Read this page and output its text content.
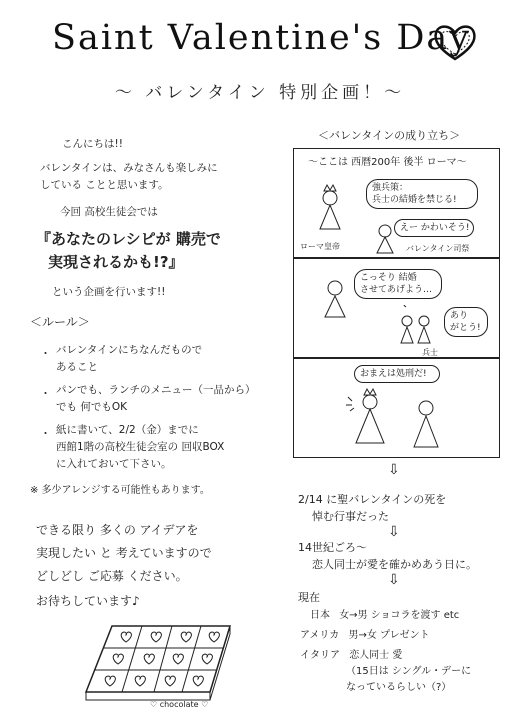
Saint Valentine's Day
〜 バレンタイン 特別企画！〜
こんにちは!!
バレンタインは、みなさんも楽しみに
している ことと思います。
今回 高校生徒会では
『あなたのレシピが 購売で
実現されるかも!?』
という企画を行います!!
＜ルール＞
・ バレンタインにちなんだもので
あること
・ パンでも、ランチのメニュー（一品から）
でも 何でもOK
・ 紙に書いて、2/2（金）までに
西館1階の高校生徒会室の 回収BOX
に入れておいて下さい。
※ 多少アレンジする可能性もあります。
できる限り 多くの アイデアを
実現したい と 考えていますので
どしどし ご応募 ください。
お待ちしています♪
♡ chocolate ♡
＜バレンタインの成り立ち＞
〜ここは 西暦200年 後半 ローマ〜
強兵策：
兵士の結婚を禁じる!
ローマ皇帝
えー かわいそう!
バレンタイン司祭
こっそり 結婚
させてあげよう…
あり
がとう!
兵士
おまえは処刑だ!
⇩
2/14 に聖バレンタインの死を
悼む行事だった
⇩
14世紀ごろ〜
恋人同士が愛を確かめあう日に。
⇩
現在
日本 女→男 ショコラを渡す etc
アメリカ 男→女 プレゼント
イタリア 恋人同士 愛
（15日は シングル・デーに
なっているらしい（?）
